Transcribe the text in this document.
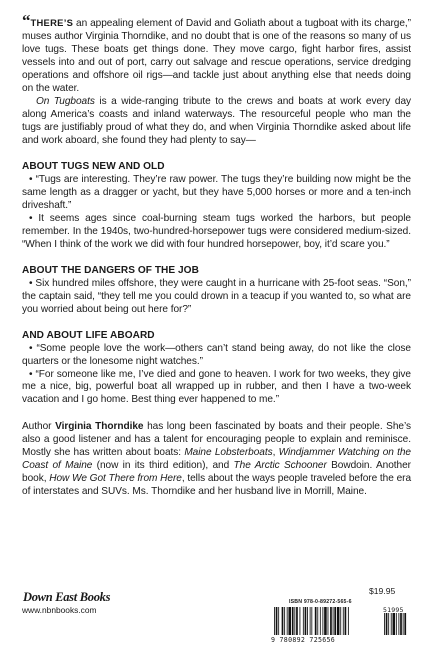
“THERE’S an appealing element of David and Goliath about a tugboat with its charge,” muses author Virginia Thorndike, and no doubt that is one of the reasons so many of us love tugs. These boats get things done. They move cargo, fight harbor fires, assist vessels into and out of port, carry out salvage and rescue operations, service dredging operations and offshore oil rigs—and tackle just about anything else that needs doing on the water.

On Tugboats is a wide-ranging tribute to the crews and boats at work every day along America’s coasts and inland waterways. The resourceful people who man the tugs are justifiably proud of what they do, and when Virginia Thorndike asked about life and work aboard, she found they had plenty to say—

ABOUT TUGS NEW AND OLD

• “Tugs are interesting. They’re raw power. The tugs they’re building now might be the same length as a dragger or yacht, but they have 5,000 horses or more and a ten-inch driveshaft.”

• It seems ages since coal-burning steam tugs worked the harbors, but people remember. In the 1940s, two-hundred-horsepower tugs were considered medium-sized. “When I think of the work we did with four hundred horsepower, boy, it’d scare you.”

ABOUT THE DANGERS OF THE JOB

• Six hundred miles offshore, they were caught in a hurricane with 25-foot seas. “Son,” the captain said, “they tell me you could drown in a teacup if you wanted to, so what are you worried about being out here for?”

AND ABOUT LIFE ABOARD

• “Some people love the work—others can’t stand being away, do not like the close quarters or the lonesome night watches.”

• “For someone like me, I’ve died and gone to heaven. I work for two weeks, they give me a nice, big, powerful boat all wrapped up in rubber, and then I have a two-week vacation and I go home. Best thing ever happened to me.”

Author Virginia Thorndike has long been fascinated by boats and their people. She’s also a good listener and has a talent for encouraging people to explain and reminisce. Mostly she has written about boats: Maine Lobsterboats, Windjammer Watching on the Coast of Maine (now in its third edition), and The Arctic Schooner Bowdoin. Another book, How We Got There from Here, tells about the ways people traveled before the era of interstates and SUVs. Ms. Thorndike and her husband live in Morrill, Maine.

Down East Books
www.nbnbooks.com
$19.95
ISBN 978-0-89272-565-6
9 780892 725656
51995
